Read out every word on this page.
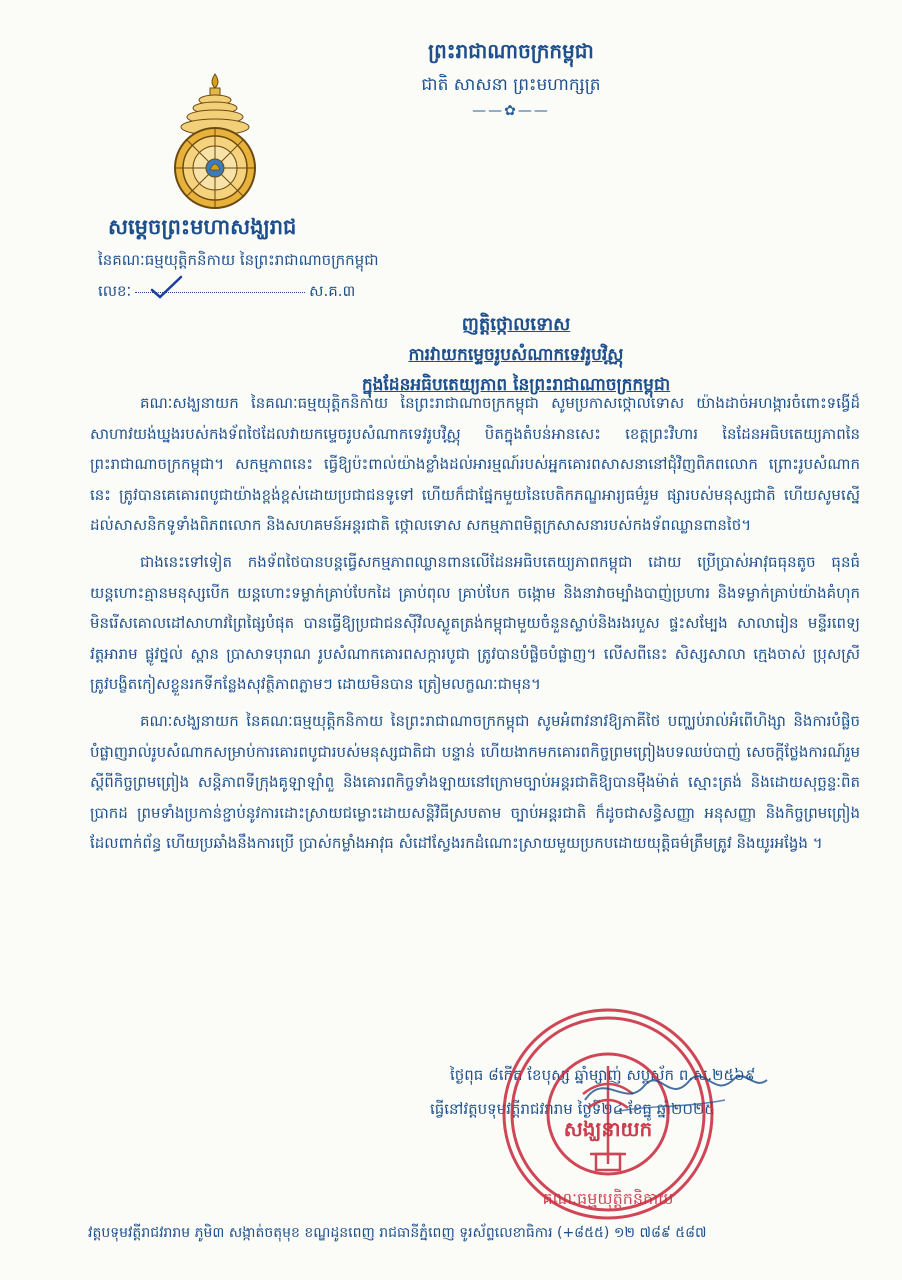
ព្រះរាជាណាចក្រកម្ពុជា
ជាតិ សាសនា ព្រះមហាក្សត្រ
——✿——
សម្តេចព្រះមហាសង្ឃរាជ
នៃគណៈធម្មយុត្តិកនិកាយ នៃព្រះរាជាណាចក្រកម្ពុជា
លេខៈ	ស.គ.៣
ញត្តិថ្កោលទោស
ការវាយកម្ទេចរូបសំណាកទេវរូបវិស្ណុ
ក្នុងដែនអធិបតេយ្យភាព នៃព្រះរាជាណាចក្រកម្ពុជា

គណៈសង្ឃនាយក នៃគណៈធម្មយុត្តិកនិកាយ នៃព្រះរាជាណាចក្រកម្ពុជា សូមប្រកាសថ្កោលទោស យ៉ាងដាច់អហង្ការចំពោះទង្វើដ៏សាហាវយង់ឃ្នងរបស់កងទ័ពថៃដែលវាយកម្ទេចរូបសំណាកទេវរូបវិស្ណុ បិតក្នុងតំបន់អានសេះ ខេត្តព្រះវិហារ នៃដែនអធិបតេយ្យភាពនៃព្រះរាជាណាចក្រកម្ពុជា។ សកម្មភាពនេះ ធ្វើឱ្យប៉ះពាល់យ៉ាងខ្លាំងដល់អារម្មណ៍របស់អ្នកគោរពសាសនានៅជុំវិញពិភពលោក ព្រោះរូបសំណាកនេះ ត្រូវបានគេគោរពបូជាយ៉ាងខ្ពង់ខ្ពស់ដោយប្រជាជនទូទៅ ហើយក៏ជាផ្នែកមួយនៃបេតិកភណ្ឌអារ្យធម៌រួម ផ្សារបស់មនុស្សជាតិ ហើយសូមស្នើដល់សាសនិកទូទាំងពិភពលោក និងសហគមន៍អន្តរជាតិ ថ្កោលទោស សកម្មភាពមិត្តក្រសាសនារបស់កងទ័ពឈ្លានពានថៃ។

ជាងនេះទៅទៀត កងទ័ពថៃបានបន្តធ្វើសកម្មភាពឈ្លានពានលើដែនអធិបតេយ្យភាពកម្ពុជា ដោយ ប្រើប្រាស់អាវុធធុនតូច ធុនធំ យន្តហោះគ្មានមនុស្សបើក យន្តហោះទម្លាក់គ្រាប់បែកដៃ គ្រាប់ពុល គ្រាប់បែក ចង្កោម និងនាវាចម្បាំងបាញ់ប្រហារ និងទម្លាក់គ្រាប់យ៉ាងគំហុកមិនរើសគោលដៅសាហាវព្រៃផ្សៃបំផុត បានធ្វើឱ្យប្រជាជនស៊ីវិលស្លូតត្រង់កម្ពុជាមួយចំនួនស្លាប់និងរងរបួស ផ្ទះសម្បែង សាលារៀន មន្ទីរពេទ្យ វត្តអារាម ផ្លូវថ្នល់ ស្ពាន ប្រាសាទបុរាណ រូបសំណាកគោរពសក្ការបូជា ត្រូវបានបំផ្លិចបំផ្លាញ។ លើសពីនេះ សិស្សសាលា ក្មេងចាស់ ប្រុសស្រី ត្រូវបង្ខិតកៀសខ្លួនរកទីកន្លែងសុវត្ថិភាពភ្លាមៗ ដោយមិនបាន ត្រៀមលក្ខណៈជាមុន។

គណៈសង្ឃនាយក នៃគណៈធម្មយុត្តិកនិកាយ នៃព្រះរាជាណាចក្រកម្ពុជា សូមអំពាវនាវឱ្យភាគីថៃ បញ្ឈប់រាល់អំពើហិង្សា និងការបំផ្លិចបំផ្លាញរាល់រូបសំណាកសម្រាប់ការគោរពបូជារបស់មនុស្សជាតិជា បន្ទាន់ ហើយងាកមកគោរពកិច្ចព្រមព្រៀងបទឈប់បាញ់ សេចក្តីថ្លែងការណ៍រួមស្តីពីកិច្ចព្រមព្រៀង សន្តិភាពទីក្រុងគូឡាឡាំពួ និងគោរពកិច្ចទាំងឡាយនៅក្រោមច្បាប់អន្តរជាតិឱ្យបានម៉ឺងម៉ាត់ ស្មោះត្រង់ និងដោយសុច្ឆន្ទៈពិតប្រាកដ ព្រមទាំងប្រកាន់ខ្ជាប់នូវការដោះស្រាយជម្លោះដោយសន្តិវិធីស្របតាម ច្បាប់អន្តរជាតិ ក៏ដូចជាសន្ធិសញ្ញា អនុសញ្ញា និងកិច្ចព្រមព្រៀងដែលពាក់ព័ន្ធ ហើយប្រឆាំងនឹងការប្រើ ប្រាស់កម្លាំងអាវុធ សំដៅស្វែងរកដំណោះស្រាយមួយប្រកបដោយយុត្តិធម៌ត្រឹមត្រូវ និងយូរអង្វែង ។

ថ្ងៃពុធ ៨កើត ខែបុស្ស ឆ្នាំម្សាញ់ សប្តស័ក ព.ស.២៥៦៩
ធ្វើនៅវត្តបទុមវត្តីរាជវរារាម ថ្ងៃទី២៤ ខែធ្នូ ឆ្នាំ២០២៥
សង្ឃនាយក
គណៈធម្មយុត្តិកនិកាយ
វត្តបទុមវត្តីរាជវរារាម ភូមិ៣ សង្កាត់ចតុមុខ ខណ្ឌដូនពេញ រាជធានីភ្នំពេញ ទូរស័ព្ទលេខាធិការ (+៨៥៥) ១២ ៧៨៩ ៥៨៧
